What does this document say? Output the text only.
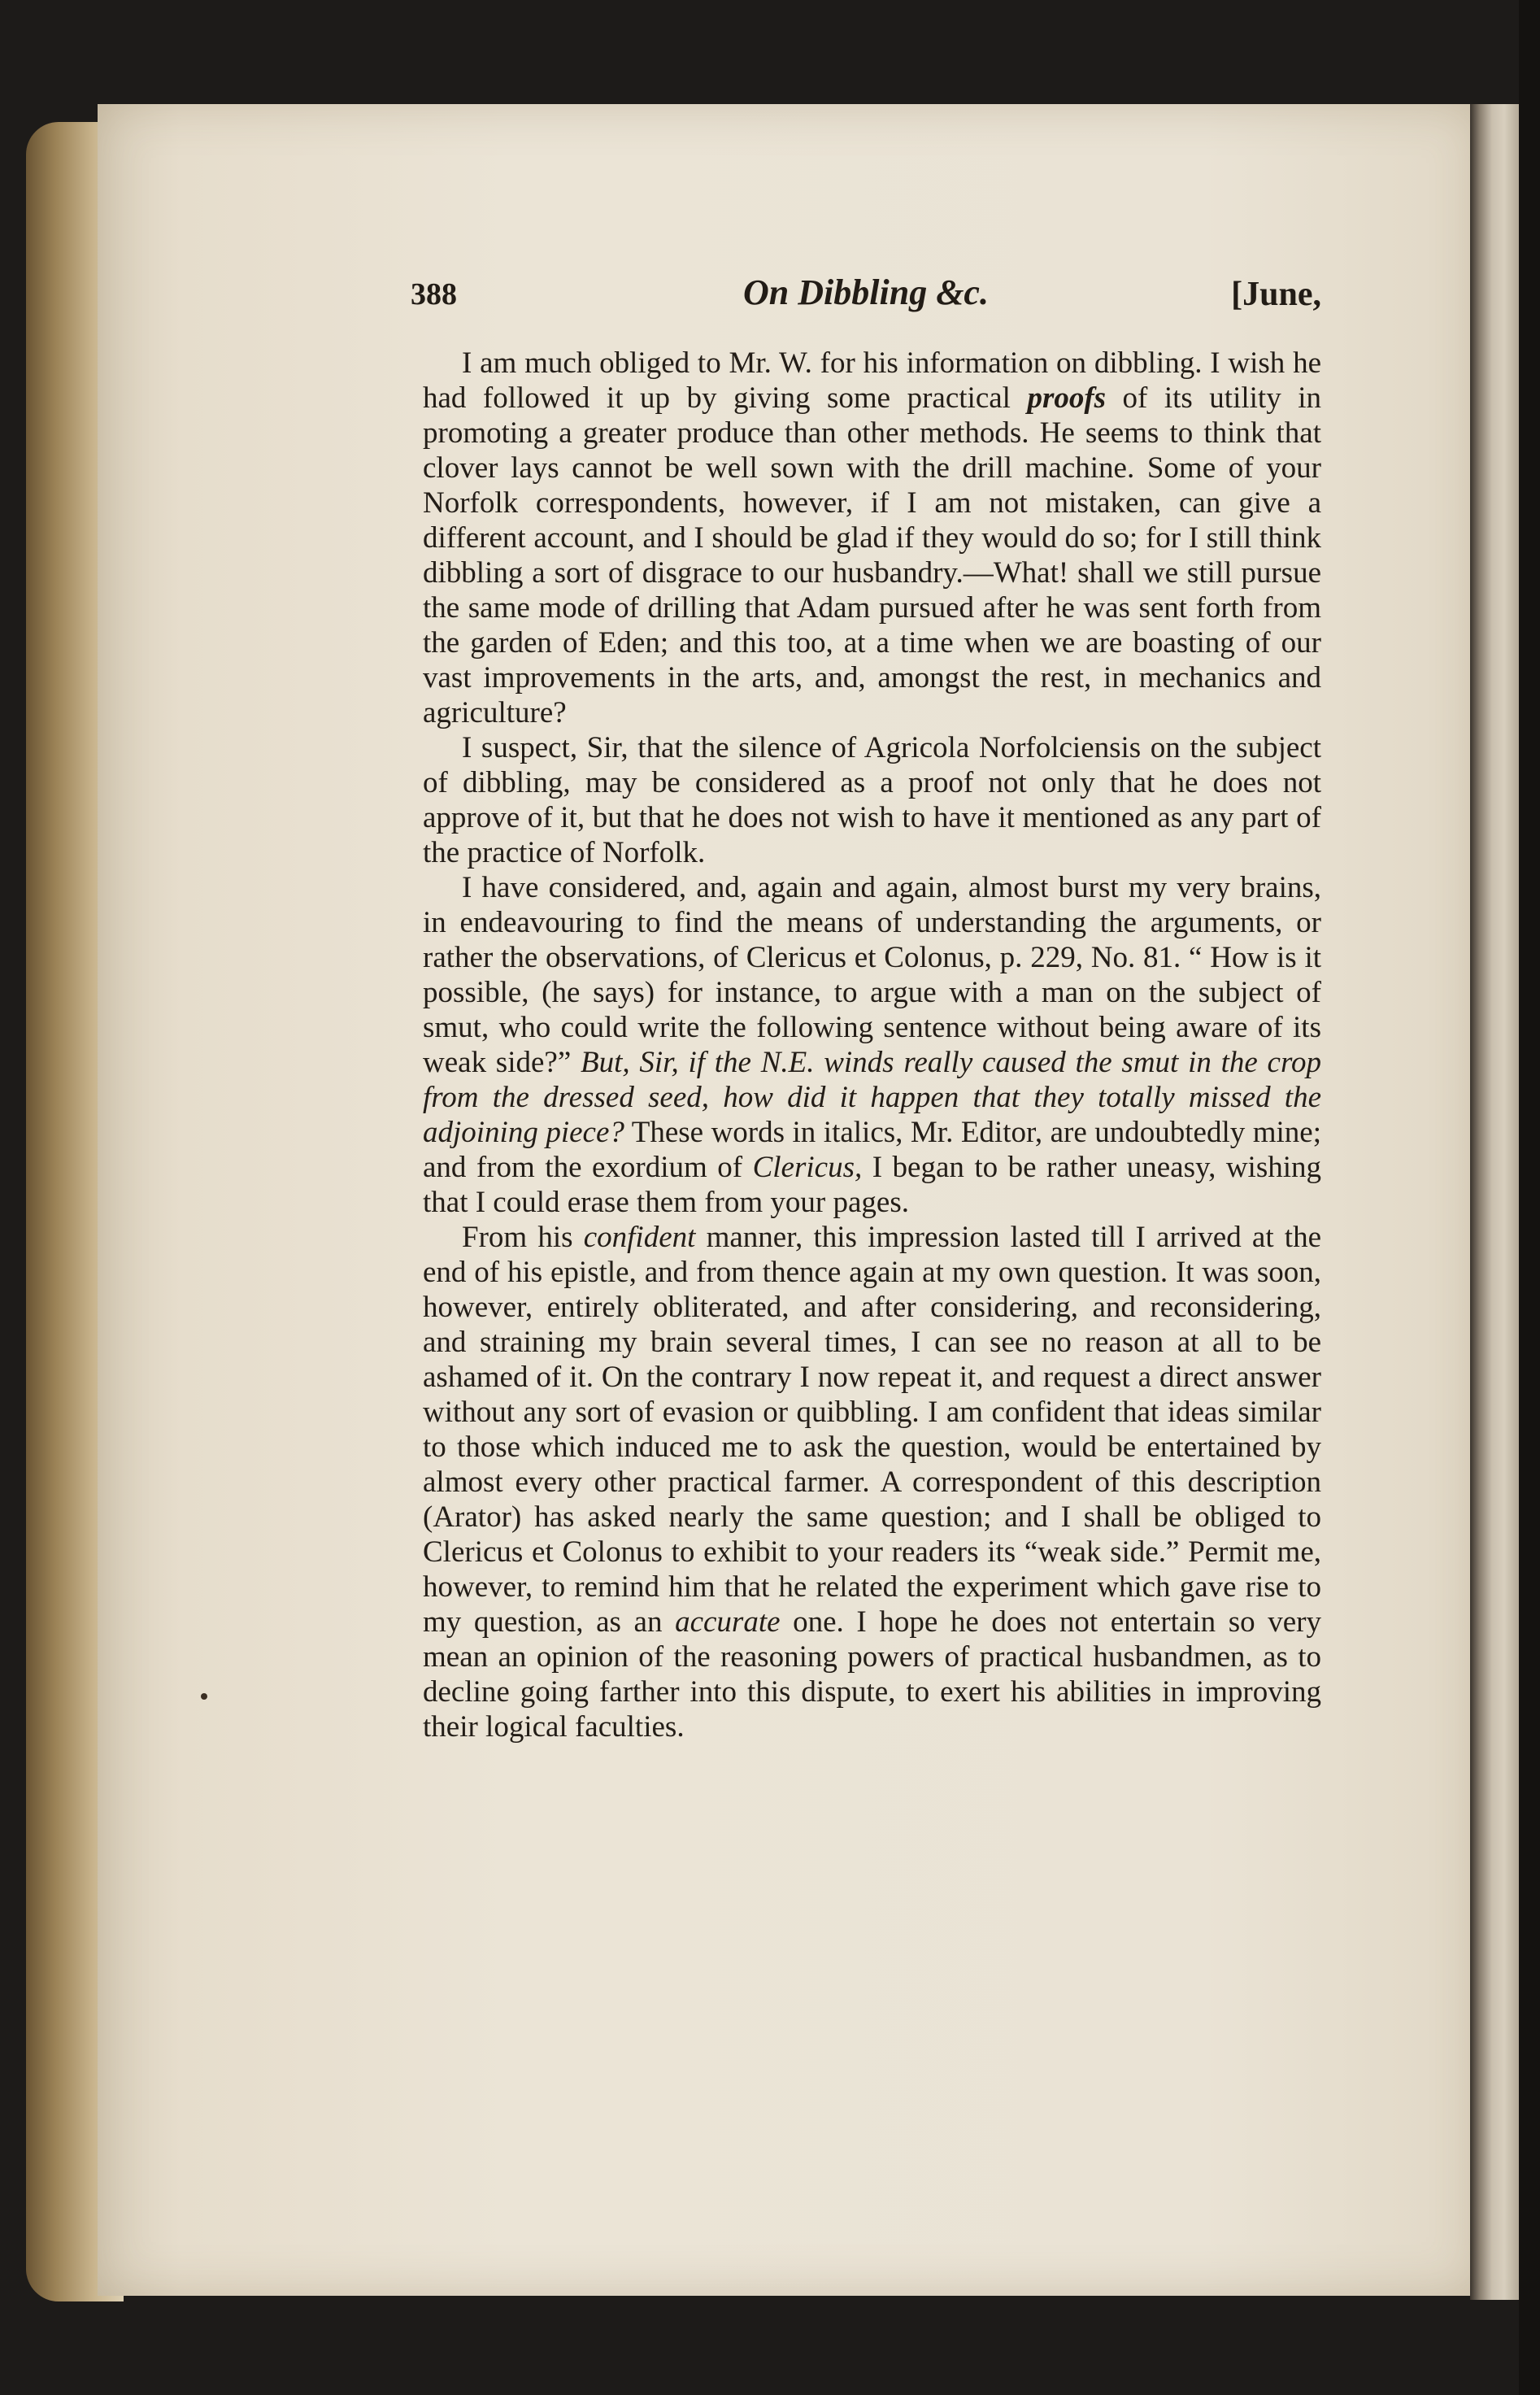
388	On Dibbling &c.	[June,

I am much obliged to Mr. W. for his information on dibbling. I wish he had followed it up by giving some practical proofs of its utility in promoting a greater produce than other methods. He seems to think that clover lays cannot be well sown with the drill machine. Some of your Norfolk correspondents, however, if I am not mistaken, can give a different account, and I should be glad if they would do so; for I still think dibbling a sort of disgrace to our husbandry.—What! shall we still pursue the same mode of drilling that Adam pursued after he was sent forth from the garden of Eden; and this too, at a time when we are boasting of our vast improvements in the arts, and, amongst the rest, in mechanics and agriculture?

I suspect, Sir, that the silence of Agricola Norfolciensis on the subject of dibbling, may be considered as a proof not only that he does not approve of it, but that he does not wish to have it mentioned as any part of the practice of Norfolk.

I have considered, and, again and again, almost burst my very brains, in endeavouring to find the means of understanding the arguments, or rather the observations, of Clericus et Colonus, p. 229, No. 81. “ How is it possible, (he says) for instance, to argue with a man on the subject of smut, who could write the following sentence without being aware of its weak side?” But, Sir, if the N.E. winds really caused the smut in the crop from the dressed seed, how did it happen that they totally missed the adjoining piece? These words in italics, Mr. Editor, are undoubtedly mine; and from the exordium of Clericus, I began to be rather uneasy, wishing that I could erase them from your pages.

From his confident manner, this impression lasted till I arrived at the end of his epistle, and from thence again at my own question. It was soon, however, entirely obliterated, and after considering, and reconsidering, and straining my brain several times, I can see no reason at all to be ashamed of it. On the contrary I now repeat it, and request a direct answer without any sort of evasion or quibbling. I am confident that ideas similar to those which induced me to ask the question, would be entertained by almost every other practical farmer. A correspondent of this description (Arator) has asked nearly the same question; and I shall be obliged to Clericus et Colonus to exhibit to your readers its “weak side.” Permit me, however, to remind him that he related the experiment which gave rise to my question, as an accurate one. I hope he does not entertain so very mean an opinion of the reasoning powers of practical husbandmen, as to decline going farther into this dispute, to exert his abilities in improving their logical faculties.
